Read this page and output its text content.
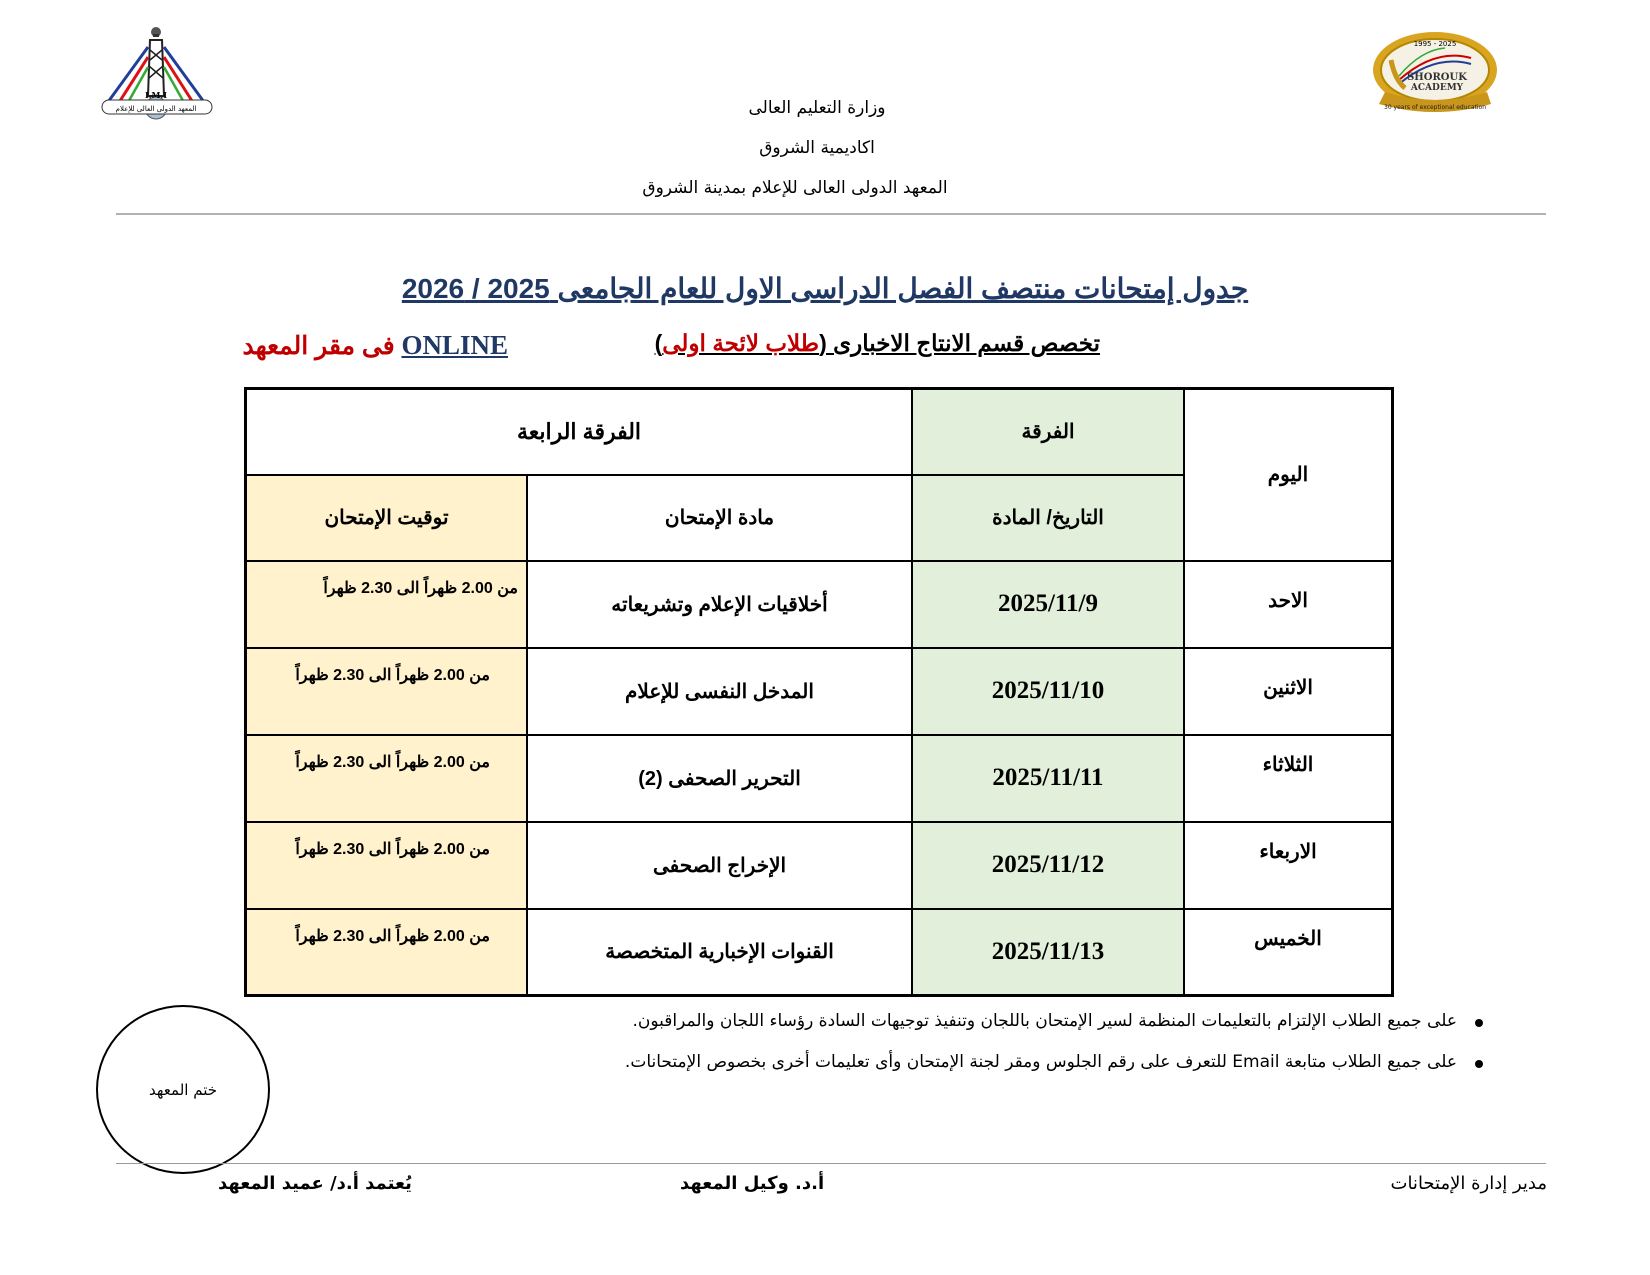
المعهد الدولى العالى للإعلام
I.M.I
1995 - 2025
SHOROUK
ACADEMY
30 years of exceptional education
وزارة التعليم العالى
اكاديمية الشروق
المعهد الدولى العالى للإعلام بمدينة الشروق
جدول إمتحانات منتصف الفصل الدراسى الاول للعام الجامعى 2025 / 2026
تخصص قسم الانتاج الاخبارى (طلاب لائحة اولى)
ONLINE فى مقر المعهد
اليوم	الفرقة	الفرقة الرابعة	
	التاريخ/ المادة	مادة الإمتحان	توقيت الإمتحان

الاحد	2025/11/9	أخلاقيات الإعلام وتشريعاته	من 2.00 ظهراً الى 2.30 ظهراً

الاثنين	2025/11/10	المدخل النفسى للإعلام	من 2.00 ظهراً الى 2.30 ظهراً

الثلاثاء	2025/11/11	التحرير الصحفى (2)	من 2.00 ظهراً الى 2.30 ظهراً

الاربعاء	2025/11/12	الإخراج الصحفى	من 2.00 ظهراً الى 2.30 ظهراً

الخميس	2025/11/13	القنوات الإخبارية المتخصصة	من 2.00 ظهراً الى 2.30 ظهراً
على جميع الطلاب الإلتزام بالتعليمات المنظمة لسير الإمتحان باللجان وتنفيذ توجيهات السادة رؤساء اللجان والمراقبون.
على جميع الطلاب متابعة Email للتعرف على رقم الجلوس ومقر لجنة الإمتحان وأى تعليمات أخرى بخصوص الإمتحانات.
ختم المعهد
مدير إدارة الإمتحانات
أ.د. وكيل المعهد
يُعتمد أ.د/ عميد المعهد
